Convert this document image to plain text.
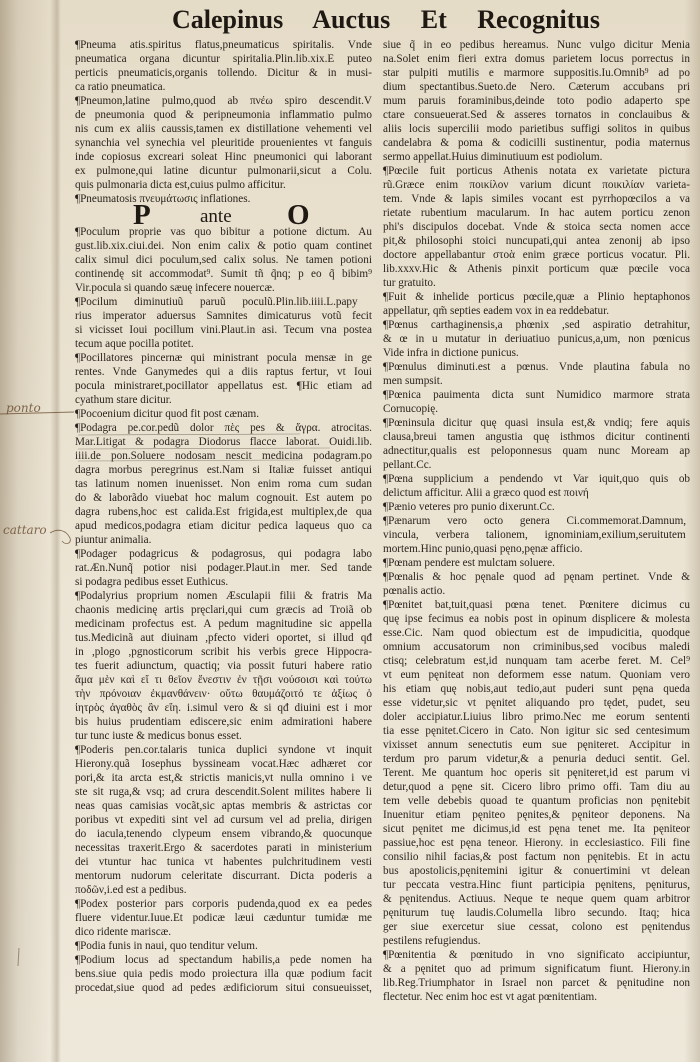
Calepinus Auctus Et Recognitus
¶Pneuma atis.spiritus flatus,pneumaticus spiritalis. Vnde
pneumatica organa dicuntur spiritalia.Plin.lib.xix.E puteo
perticis pneumaticis,organis tollendo. Dicitur & in musi-
ca ratio pneumatica.
¶Pneumon,latine pulmo,quod ab πνέω spiro descendit.V
de pneumonia quod & peripneumonia inflammatio pulmo
nis cum ex aliis caussis,tamen ex distillatione vehementi vel
synanchia vel synechia vel pleuritide prouenientes vt fanguis
inde copiosus excreari soleat Hinc pneumonici qui laborant
ex pulmone,qui latine dicuntur pulmonarii,sicut a Colu.
quis pulmonaria dicta est,cuius pulmo afficitur.
¶Pneumatosis πνευμάτωσις inflationes.
P	ante O
¶Poculum proprie vas quo bibitur a potione dictum. Au
gust.lib.xix.ciui.dei. Non enim calix & potio quam continet
calix simul dici poculum,sed calix solus. Ne tamen potioni
continendę sit accommodat⁹. Sumit tñ q̃nq; p eo q̃ bibim⁹
Vir.pocula si quando sæuę infecere nouercæ.
¶Pocilum diminutiuũ paruũ poculũ.Plin.lib.iiii.L.papy
rius imperator aduersus Samnites dimicaturus votũ fecit
si vicisset Ioui pocillum vini.Plaut.in asi. Tecum vna postea
tecum aque pocilla potitet.
¶Pocillatores pincernæ qui ministrant pocula mensæ in ge
rentes. Vnde Ganymedes qui a diis raptus fertur, vt Ioui
pocula ministraret,pocillator appellatus est. ¶Hic etiam ad
cyathum stare dicitur.
¶Pocoenium dicitur quod fit post cænam.
¶Podagra pe.cor.pedũ dolor πὲς pes & ἄγρα. atrocitas.
Mar.Litigat & podagra Diodorus flacce laborat. Ouidi.lib.
iiii.de pon.Soluere nodosam nescit medicina podagram.po
dagra morbus peregrinus est.Nam si Italiæ fuisset antiqui
tas latinum nomen inuenisset. Non enim roma cum sudan
do & laborãdo viuebat hoc malum cognouit. Est autem po
dagra rubens,hoc est calida.Est frigida,est multiplex,de qua
apud medicos,podagra etiam dicitur pedica laqueus quo ca
piuntur animalia.
¶Podager podagricus & podagrosus, qui podagra labo
rat.Æn.Nunq̃ potior nisi podager.Plaut.in mer. Sed tande
si podagra pedibus esset Euthicus.
¶Podalyrius proprium nomen Æsculapii filii & fratris Ma
chaonis medicinę artis pręclari,qui cum græcis ad Troiã ob
medicinam profectus est. A pedum magnitudine sic appella
tus.Medicinã aut diuinam ,pfecto videri oportet, si illud qđ
in ,plogo ,pgnosticorum scribit his verbis grece Hippocra-
tes fuerit adiunctum, quactiq; via possit futuri habere ratio
ἅμα μὲν καὶ εἴ τι θεῖον ἔνεστιν ἐν τῇσι νούσοισι καὶ τούτω
τὴν πρόνοιαν ἐκμανθάνειν· οὕτω θαυμάζοιτό τε ἀξίως ὁ
ἰητρὸς ἀγαθὸς ἂν εἴη. i.simul vero & si qđ diuini est i mor
bis huius prudentiam ediscere,sic enim admirationi habere
tur tunc iuste & medicus bonus esset.
¶Poderis pen.cor.talaris tunica duplici syndone vt inquit
Hierony.quã Iosephus byssineam vocat.Hæc adhæret cor
pori,& ita arcta est,& strictis manicis,vt nulla omnino i ve
ste sit ruga,& vsq; ad crura descendit.Solent milites habere li
neas quas camisias vocãt,sic aptas membris & astrictas cor
poribus vt expediti sint vel ad cursum vel ad prelia, dirigen
do iacula,tenendo clypeum ensem vibrando,& quocunque
necessitas traxerit.Ergo & sacerdotes parati in ministerium
dei vtuntur hac tunica vt habentes pulchritudinem vesti
mentorum nudorum celeritate discurrant. Dicta poderis a
ποδῶν,i.ed est a pedibus.
¶Podex posterior pars corporis pudenda,quod ex ea pedes
fluere videntur.Iuue.Et podicæ læui cæduntur tumidæ me
dico ridente mariscæ.
¶Podia funis in naui, quo tenditur velum.
¶Podium locus ad spectandum habilis,a pede nomen ha
bens.siue quia pedis modo proiectura illa quæ podium facit
procedat,siue quod ad pedes ædificiorum situi consueuisset,
siue q̃ in eo pedibus hereamus. Nunc vulgo dicitur Menia
na.Solet enim fieri extra domus parietem locus porrectus in
star pulpiti mutilis e marmore suppositis.Iu.Omnib⁹ ad po
dium spectantibus.Sueto.de Nero. Cæterum accubans pri
mum paruis foraminibus,deinde toto podio adaperto spe
ctare consueuerat.Sed & asseres tornatos in conclauibus &
aliis locis supercilii modo parietibus suffigi solitos in quibus
candelabra & poma & codicilli sustinentur, podia maternus
sermo appellat.Huius diminutiuum est podiolum.
¶Pœcile fuit porticus Athenis notata ex varietate pictura
rũ.Græce enim ποικίλον varium dicunt ποικιλίαν varieta-
tem. Vnde & lapis similes vocant est pyrrhopœcilos a va
rietate rubentium macularum. In hac autem porticu zenon
phi's discipulos docebat. Vnde & stoica secta nomen acce
pit,& philosophi stoici nuncupati,qui antea zenonij ab ipso
doctore appellabantur στοὰ enim græce porticus vocatur. Pli.
lib.xxxv.Hic & Athenis pinxit porticum quæ pœcile voca
tur gratuito.
¶Fuit & inhelide porticus pœcile,quæ a Plinio heptaphonos
appellatur, qm̃ septies eadem vox in ea reddebatur.
¶Pœnus carthaginensis,a phœnix ,sed aspiratio detrahitur,
& œ in u mutatur in deriuatiuo punicus,a,um, non pœnicus
Vide infra in dictione punicus.
¶Pœnulus diminuti.est a pœnus. Vnde plautina fabula no
men sumpsit.
¶Pœnica pauimenta dicta sunt Numidico marmore strata
Cornucopię.
¶Pœninsula dicitur quę quasi insula est,& vndiq; fere aquis
clausa,breui tamen angustia quę isthmos dicitur continenti
adnectitur,qualis est peloponnesus quam nunc Moream ap
pellant.Cc.
¶Pœna supplicium a pendendo vt Var iquit,quo quis ob
delictum afficitur. Alii a græco quod est ποινή
¶Pænio veteres pro punio dixerunt.Cc.
¶Pænarum vero octo genera Ci.commemorat.Damnum,
vincula, verbera talionem, ignominiam,exilium,seruitutem
mortem.Hinc punio,quasi pęno,pęnæ afficio.
¶Pœnam pendere est mulctam soluere.
¶Pœnalis & hoc pęnale quod ad pęnam pertinet. Vnde &
pœnalis actio.
¶Pœnitet bat,tuit,quasi pœna tenet. Pœnitere dicimus cu
quę ipse fecimus ea nobis post in opinum displicere & molesta
esse.Cic. Nam quod obiectum est de impudicitia, quodque
omnium accusatorum non criminibus,sed vocibus maledi
ctisq; celebratum est,id nunquam tam acerbe feret. M. Cel⁹
vt eum pęniteat non deformem esse natum. Quoniam vero
his etiam quę nobis,aut tedio,aut puderi sunt pęna queda
esse videtur,sic vt pęnitet aliquando pro tędet, pudet, seu
doler accipiatur.Liuius libro primo.Nec me eorum sententi
tia esse pęnitet.Cicero in Cato. Non igitur sic sed centesimum
vixisset annum senectutis eum sue pęniteret. Accipitur in
terdum pro parum videtur,& a penuria deduci sentit. Gel.
Terent. Me quantum hoc operis sit pęniteret,id est parum vi
detur,quod a pęne sit. Cicero libro primo offi. Tam diu au
tem velle debebis quoad te quantum proficias non pęnitebit
Inuenitur etiam pęniteo pęnites,& pęniteor deponens. Na
sicut pęnitet me dicimus,id est pęna tenet me. Ita pęniteor
passiue,hoc est pęna teneor. Hierony. in ecclesiastico. Fili fine
consilio nihil facias,& post factum non pęnitebis. Et in actu
bus apostolicis,pęnitemini igitur & conuertimini vt delean
tur peccata vestra.Hinc fiunt participia pęnitens, pęniturus,
& pęnitendus. Actiuus. Neque te neque quem quam arbitror
pęniturum tuę laudis.Columella libro secundo. Itaq; hica
ger siue exercetur siue cessat, colono est pęnitendus
pestilens refugiendus.
¶Pœnitentia & pœnitudo in vno significato accipiuntur,
& a pęnitet quo ad primum significatum fiunt. Hierony.in
lib.Reg.Triumphator in Israel non parcet & pęnitudine non
flectetur. Nec enim hoc est vt agat pœnitentiam.
ponto
cattaro
